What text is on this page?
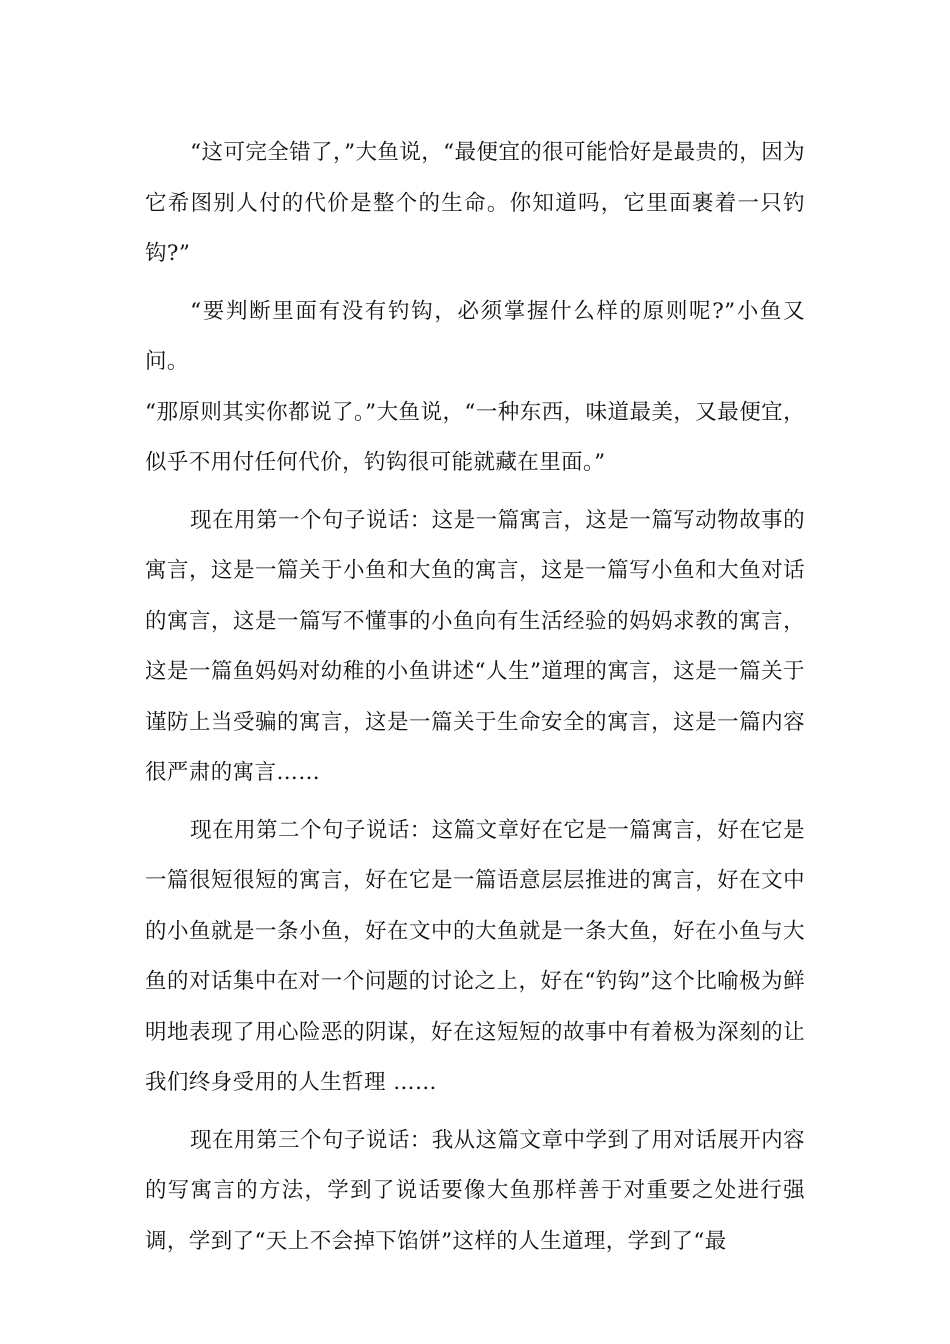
“这可完全错了，”大鱼说，“最便宜的很可能恰好是最贵的，因为它希图别人付的代价是整个的生命。你知道吗，它里面裹着一只钓钩?”

“要判断里面有没有钓钩，必须掌握什么样的原则呢?”小鱼又问。

“那原则其实你都说了。”大鱼说，“一种东西，味道最美，又最便宜，似乎不用付任何代价，钓钩很可能就藏在里面。”

现在用第一个句子说话：这是一篇寓言，这是一篇写动物故事的寓言，这是一篇关于小鱼和大鱼的寓言，这是一篇写小鱼和大鱼对话的寓言，这是一篇写不懂事的小鱼向有生活经验的妈妈求教的寓言，这是一篇鱼妈妈对幼稚的小鱼讲述“人生”道理的寓言，这是一篇关于谨防上当受骗的寓言，这是一篇关于生命安全的寓言，这是一篇内容很严肃的寓言……

现在用第二个句子说话：这篇文章好在它是一篇寓言，好在它是一篇很短很短的寓言，好在它是一篇语意层层推进的寓言，好在文中的小鱼就是一条小鱼，好在文中的大鱼就是一条大鱼，好在小鱼与大鱼的对话集中在对一个问题的讨论之上，好在“钓钩”这个比喻极为鲜明地表现了用心险恶的阴谋，好在这短短的故事中有着极为深刻的让我们终身受用的人生哲理 ……

现在用第三个句子说话：我从这篇文章中学到了用对话展开内容的写寓言的方法，学到了说话要像大鱼那样善于对重要之处进行强调，学到了“天上不会掉下馅饼”这样的人生道理，学到了“最
